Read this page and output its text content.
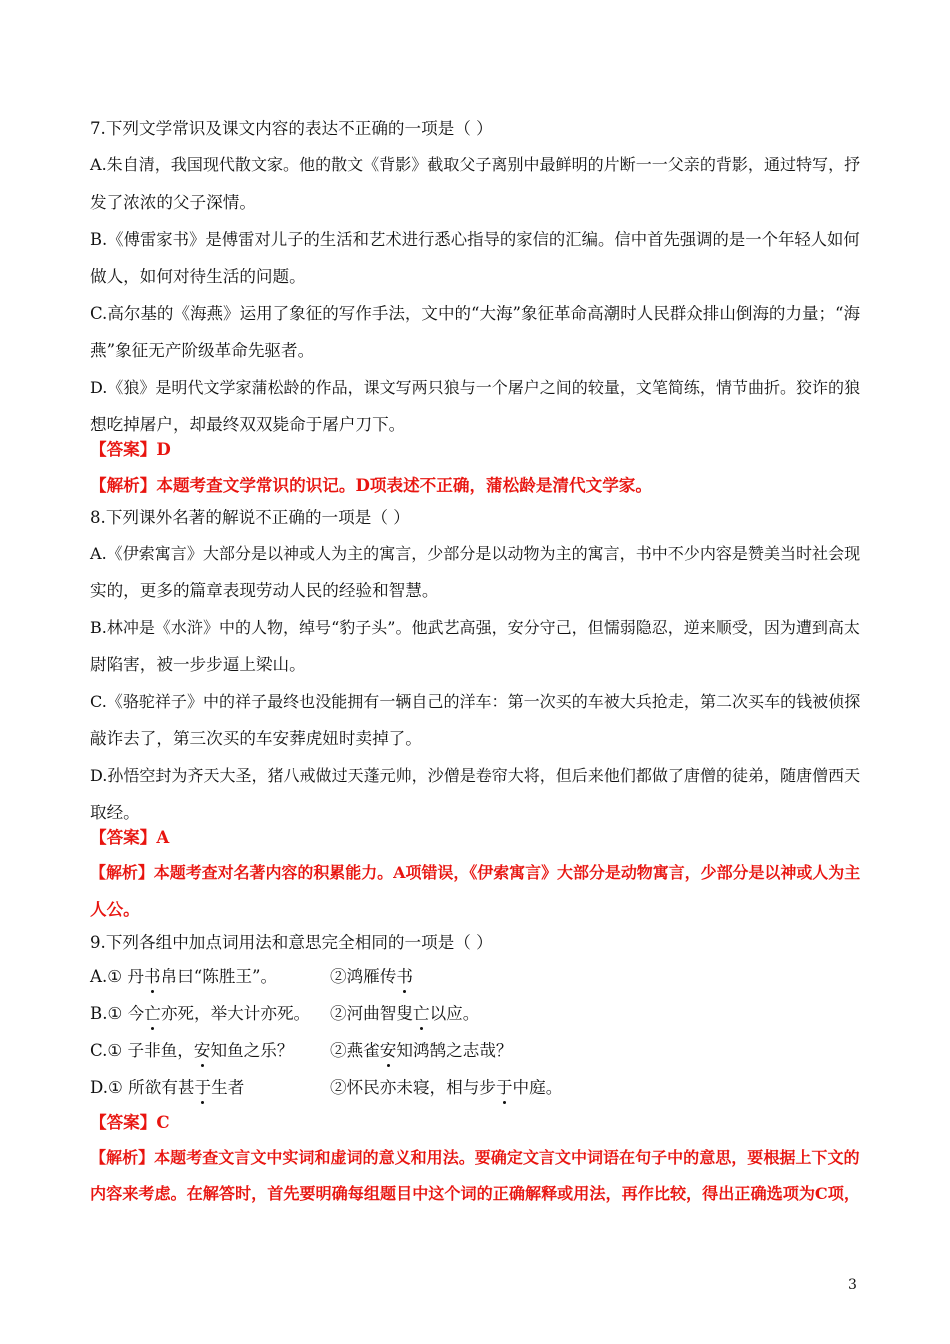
7.下列文学常识及课文内容的表达不正确的一项是（ ）
A.朱自清，我国现代散文家。他的散文《背影》截取父子离别中最鲜明的片断一一父亲的背影，通过特写，抒
发了浓浓的父子深情。
B.《傅雷家书》是傅雷对儿子的生活和艺术进行悉心指导的家信的汇编。信中首先强调的是一个年轻人如何
做人，如何对待生活的问题。
C.高尔基的《海燕》运用了象征的写作手法，文中的“大海”象征革命高潮时人民群众排山倒海的力量；“海
燕”象征无产阶级革命先驱者。
D.《狼》是明代文学家蒲松龄的作品，课文写两只狼与一个屠户之间的较量，文笔简练，情节曲折。狡诈的狼
想吃掉屠户，却最终双双毙命于屠户刀下。
【答案】D
【解析】本题考查文学常识的识记。D项表述不正确，蒲松龄是清代文学家。
8.下列课外名著的解说不正确的一项是（ ）
A.《伊索寓言》大部分是以神或人为主的寓言，少部分是以动物为主的寓言，书中不少内容是赞美当时社会现
实的，更多的篇章表现劳动人民的经验和智慧。
B.林冲是《水浒》中的人物，绰号“豹子头”。他武艺高强，安分守己，但懦弱隐忍，逆来顺受，因为遭到高太
尉陷害，被一步步逼上梁山。
C.《骆驼祥子》中的祥子最终也没能拥有一辆自己的洋车：第一次买的车被大兵抢走，第二次买车的钱被侦探
敲诈去了，第三次买的车安葬虎妞时卖掉了。
D.孙悟空封为齐天大圣，猪八戒做过天蓬元帅，沙僧是卷帘大将，但后来他们都做了唐僧的徒弟，随唐僧西天
取经。
【答案】A
【解析】本题考查对名著内容的积累能力。A项错误，《伊索寓言》大部分是动物寓言，少部分是以神或人为主
人公。
9.下列各组中加点词用法和意思完全相同的一项是（ ）
A.① 丹书帛曰“陈胜王”。	②鸿雁传书
B.① 今亡亦死，举大计亦死。 ②河曲智叟亡以应。
C.① 子非鱼，安知鱼之乐？ ②燕雀安知鸿鹄之志哉？
D.① 所欲有甚于生者	②怀民亦未寝，相与步于中庭。
【答案】C
【解析】本题考查文言文中实词和虚词的意义和用法。要确定文言文中词语在句子中的意思，要根据上下文的
内容来考虑。在解答时，首先要明确每组题目中这个词的正确解释或用法，再作比较，得出正确选项为C项，
3
